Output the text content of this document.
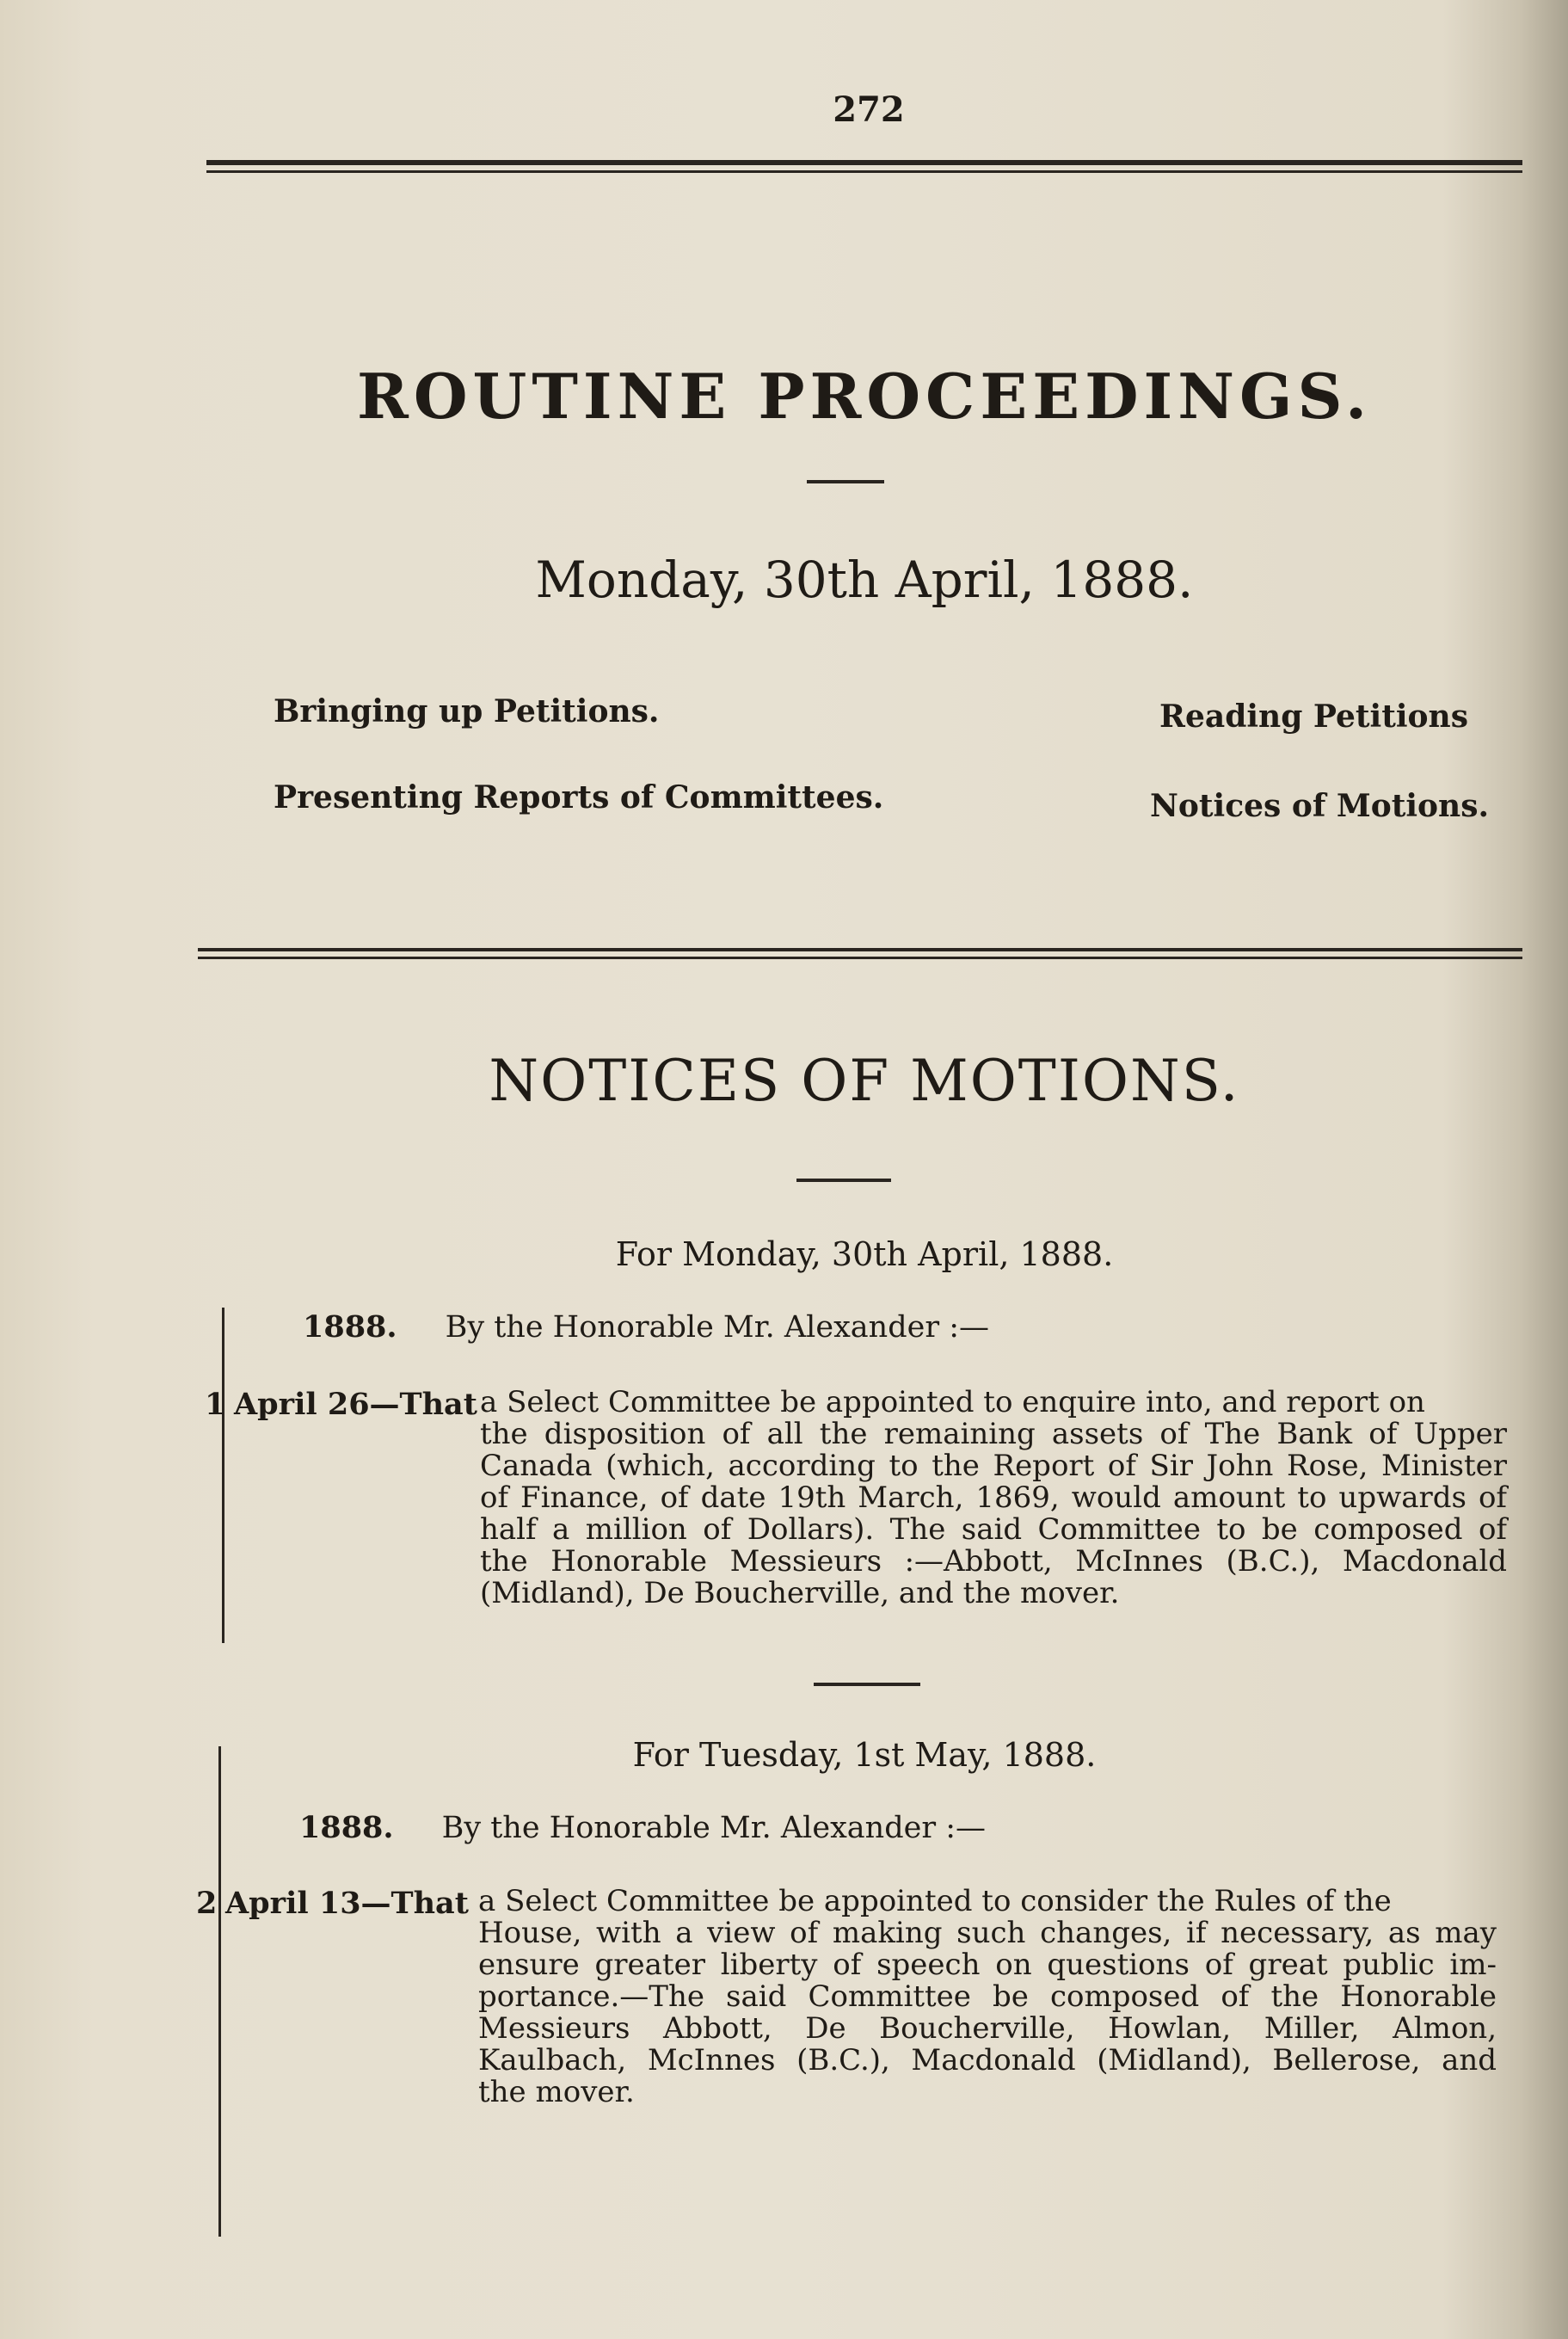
272
ROUTINE PROCEEDINGS.
Monday, 30th April, 1888.
Bringing up Petitions.	Reading Petitions
Presenting Reports of Committees.	Notices of Motions.
NOTICES OF MOTIONS.
For Monday, 30th April, 1888.
1888. By the Honorable Mr. Alexander :—
1 April 26—That a Select Committee be appointed to enquire into, and report on
the disposition of all the remaining assets of The Bank of Upper
Canada (which, according to the Report of Sir John Rose, Minister
of Finance, of date 19th March, 1869, would amount to upwards of
half a million of Dollars). The said Committee to be composed of
the Honorable Messieurs :—Abbott, McInnes (B.C.), Macdonald
(Midland), De Boucherville, and the mover.
For Tuesday, 1st May, 1888.
1888. By the Honorable Mr. Alexander :—
2 April 13—That a Select Committee be appointed to consider the Rules of the
House, with a view of making such changes, if necessary, as may
ensure greater liberty of speech on questions of great public im-
portance.—The said Committee be composed of the Honorable
Messieurs Abbott, De Boucherville, Howlan, Miller, Almon,
Kaulbach, McInnes (B.C.), Macdonald (Midland), Bellerose, and
the mover.
